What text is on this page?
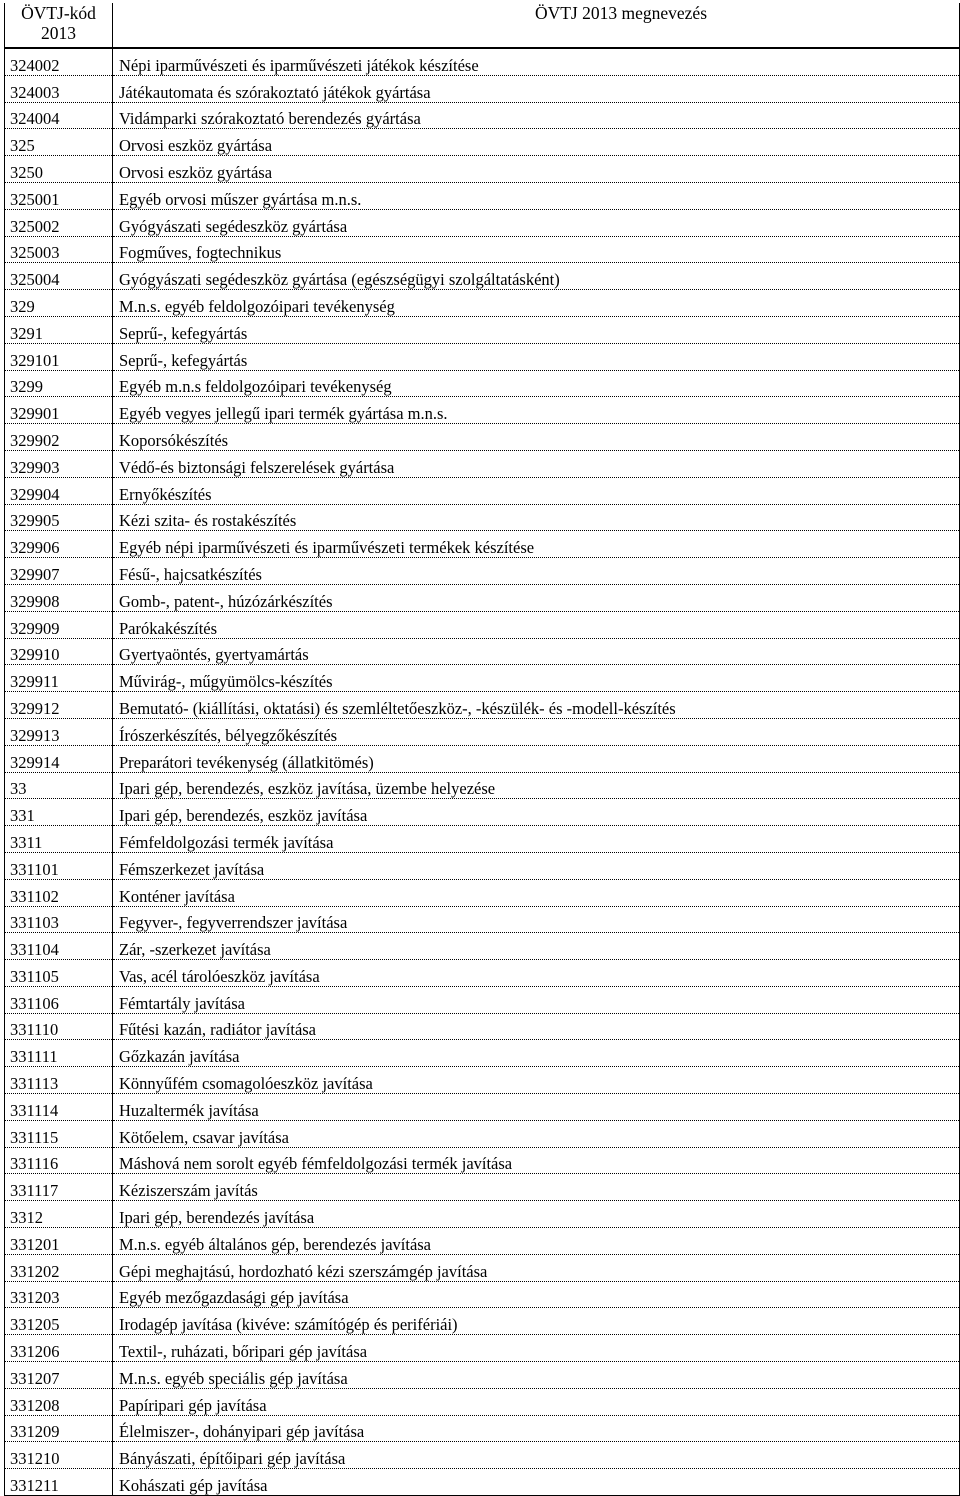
ÖVTJ-kód
2013	ÖVTJ 2013 megnevezés
324002	Népi iparművészeti és iparművészeti játékok készítése
324003	Játékautomata és szórakoztató játékok gyártása
324004	Vidámparki szórakoztató berendezés gyártása
325	Orvosi eszköz gyártása
3250	Orvosi eszköz gyártása
325001	Egyéb orvosi műszer gyártása m.n.s.
325002	Gyógyászati segédeszköz gyártása
325003	Fogműves, fogtechnikus
325004	Gyógyászati segédeszköz gyártása (egészségügyi szolgáltatásként)
329	M.n.s. egyéb feldolgozóipari tevékenység
3291	Seprű-, kefegyártás
329101	Seprű-, kefegyártás
3299	Egyéb m.n.s feldolgozóipari tevékenység
329901	Egyéb vegyes jellegű ipari termék gyártása m.n.s.
329902	Koporsókészítés
329903	Védő-és biztonsági felszerelések gyártása
329904	Ernyőkészítés
329905	Kézi szita- és rostakészítés
329906	Egyéb népi iparművészeti és iparművészeti termékek készítése
329907	Fésű-, hajcsatkészítés
329908	Gomb-, patent-, húzózárkészítés
329909	Parókakészítés
329910	Gyertyaöntés, gyertyamártás
329911	Művirág-, műgyümölcs-készítés
329912	Bemutató- (kiállítási, oktatási) és szemléltetőeszköz-, -készülék- és -modell-készítés
329913	Írószerkészítés, bélyegzőkészítés
329914	Preparátori tevékenység (állatkitömés)
33	Ipari gép, berendezés, eszköz javítása, üzembe helyezése
331	Ipari gép, berendezés, eszköz javítása
3311	Fémfeldolgozási termék javítása
331101	Fémszerkezet javítása
331102	Konténer javítása
331103	Fegyver-, fegyverrendszer javítása
331104	Zár, -szerkezet javítása
331105	Vas, acél tárolóeszköz javítása
331106	Fémtartály javítása
331110	Fűtési kazán, radiátor javítása
331111	Gőzkazán javítása
331113	Könnyűfém csomagolóeszköz javítása
331114	Huzaltermék javítása
331115	Kötőelem, csavar javítása
331116	Máshová nem sorolt egyéb fémfeldolgozási termék javítása
331117	Kéziszerszám javítás
3312	Ipari gép, berendezés javítása
331201	M.n.s. egyéb általános gép, berendezés javítása
331202	Gépi meghajtású, hordozható kézi szerszámgép javítása
331203	Egyéb mezőgazdasági gép javítása
331205	Irodagép javítása (kivéve: számítógép és perifériái)
331206	Textil-, ruházati, bőripari gép javítása
331207	M.n.s. egyéb speciális gép javítása
331208	Papíripari gép javítása
331209	Élelmiszer-, dohányipari gép javítása
331210	Bányászati, építőipari gép javítása
331211	Kohászati gép javítása
